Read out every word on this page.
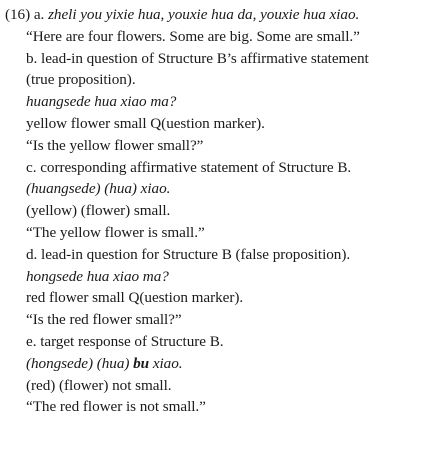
(16) a. zheli you yixie hua, youxie hua da, youxie hua xiao.
“Here are four flowers. Some are big. Some are small.”
b. lead-in question of Structure B’s affirmative statement
(true proposition).
huangsede hua xiao ma?
yellow flower small Q(uestion marker).
“Is the yellow flower small?”
c. corresponding affirmative statement of Structure B.
(huangsede) (hua) xiao.
(yellow) (flower) small.
“The yellow flower is small.”
d. lead-in question for Structure B (false proposition).
hongsede hua xiao ma?
red flower small Q(uestion marker).
“Is the red flower small?”
e. target response of Structure B.
(hongsede) (hua) bu xiao.
(red) (flower) not small.
“The red flower is not small.”
